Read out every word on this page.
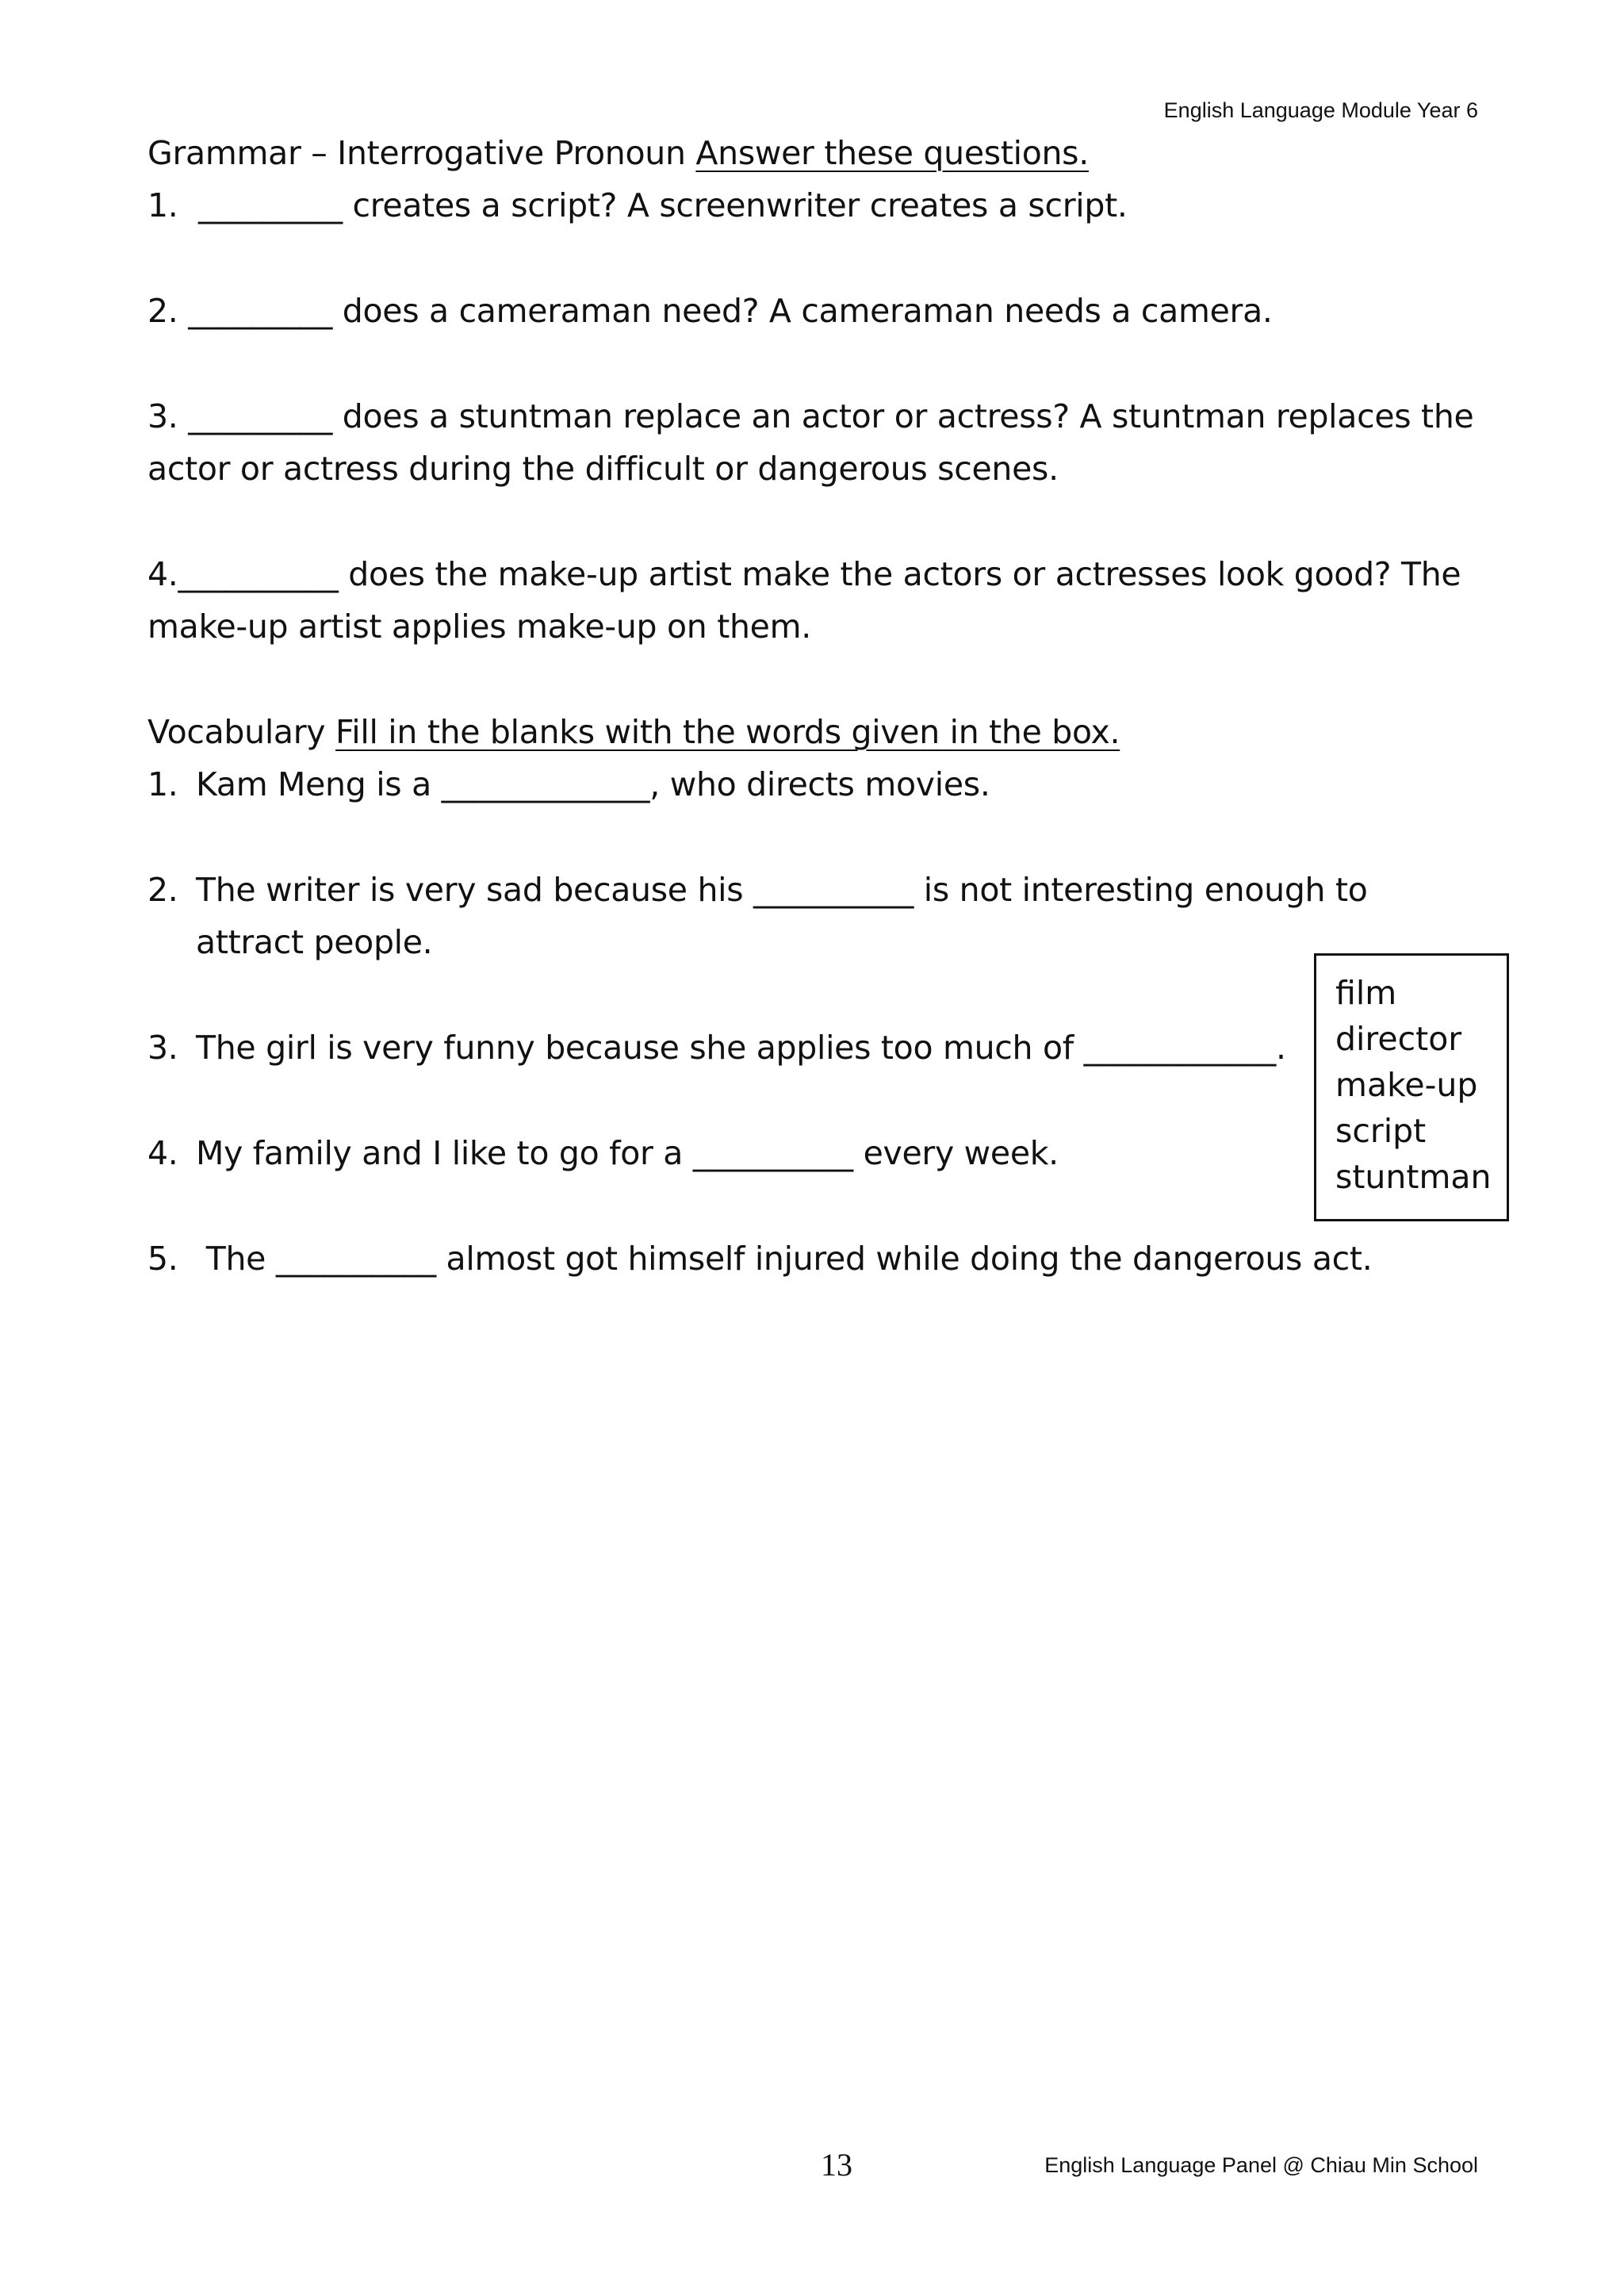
English Language Module Year 6
Grammar – Interrogative Pronoun Answer these questions.
1.  _________ creates a script? A screenwriter creates a script.
2. _________ does a cameraman need? A cameraman needs a camera.
3. _________ does a stuntman replace an actor or actress? A stuntman replaces the
actor or actress during the difficult or dangerous scenes.
4.__________ does the make-up artist make the actors or actresses look good? The
make-up artist applies make-up on them.
Vocabulary Fill in the blanks with the words given in the box.
1. Kam Meng is a _____________, who directs movies.
2. The writer is very sad because his __________ is not interesting enough to
attract people.
3. The girl is very funny because she applies too much of ____________.
4. My family and I like to go for a __________ every week.
5. The __________ almost got himself injured while doing the dangerous act.
film
director
make-up
script
stuntman
13	English Language Panel @ Chiau Min School
